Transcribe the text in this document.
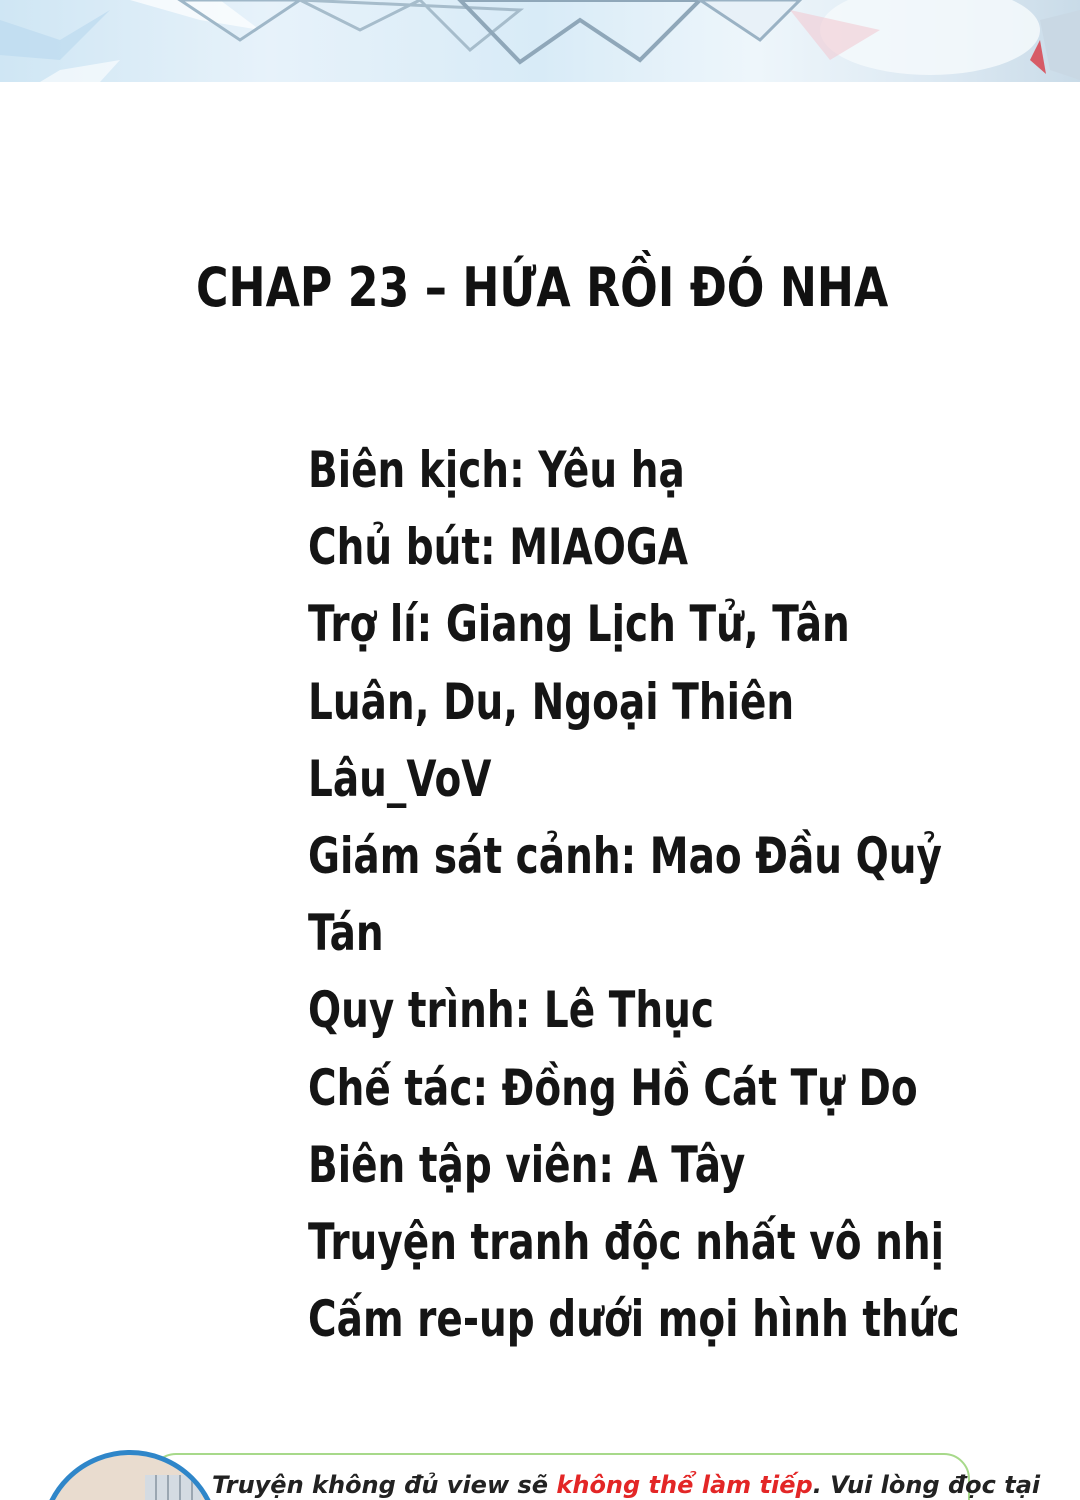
CHAP 23 – HỨA RỒI ĐÓ NHA
Biên kịch: Yêu hạ
Chủ bút: MIAOGA
Trợ lí: Giang Lịch Tử, Tân
Luân, Du, Ngoại Thiên
Lâu_VoV
Giám sát cảnh: Mao Đầu Quỷ
Tán
Quy trình: Lê Thục
Chế tác: Đồng Hồ Cát Tự Do
Biên tập viên: A Tây
Truyện tranh độc nhất vô nhị
Cấm re-up dưới mọi hình thức
Truyện không đủ view sẽ không thể làm tiếp. Vui lòng đọc tại
